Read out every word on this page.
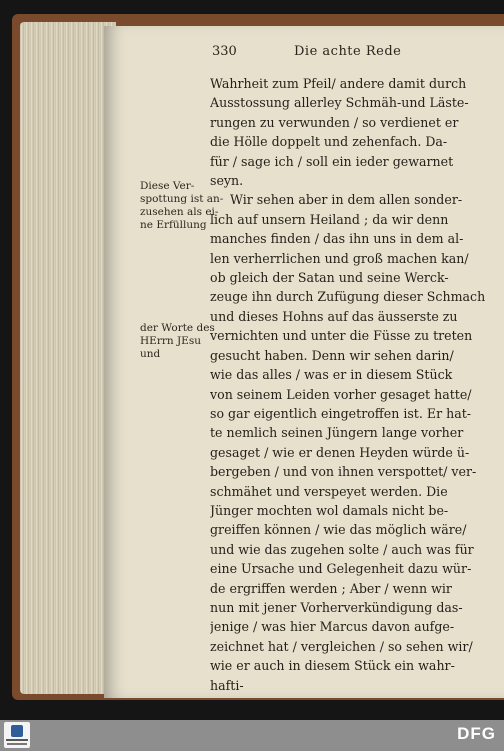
330	Die achte Rede
Wahrheit zum Pfeil/ andere damit durch
Ausstossung allerley Schmäh-und Läste-
rungen zu verwunden / so verdienet er
die Hölle doppelt und zehenfach. Da-
für / sage ich / soll ein ieder gewarnet
seyn.
Wir sehen aber in dem allen sonder-
lich auf unsern Heiland ; da wir denn
manches finden / das ihn uns in dem al-
len verherrlichen und groß machen kan/
ob gleich der Satan und seine Werck-
zeuge ihn durch Zufügung dieser Schmach
und dieses Hohns auf das äusserste zu
vernichten und unter die Füsse zu treten
gesucht haben. Denn wir sehen darin/
wie das alles / was er in diesem Stück
von seinem Leiden vorher gesaget hatte/
so gar eigentlich eingetroffen ist. Er hat-
te nemlich seinen Jüngern lange vorher
gesaget / wie er denen Heyden würde ü-
bergeben / und von ihnen verspottet/ ver-
schmähet und verspeyet werden. Die
Jünger mochten wol damals nicht be-
greiffen können / wie das möglich wäre/
und wie das zugehen solte / auch was für
eine Ursache und Gelegenheit dazu wür-
de ergriffen werden ; Aber / wenn wir
nun mit jener Vorherverkündigung das-
jenige / was hier Marcus davon aufge-
zeichnet hat / vergleichen / so sehen wir/
wie er auch in diesem Stück ein wahr-
hafti-
Diese Ver-
spottung ist an-
zusehen als ei-
ne Erfüllung
der Worte des
HErrn JEsu
und
DFG
